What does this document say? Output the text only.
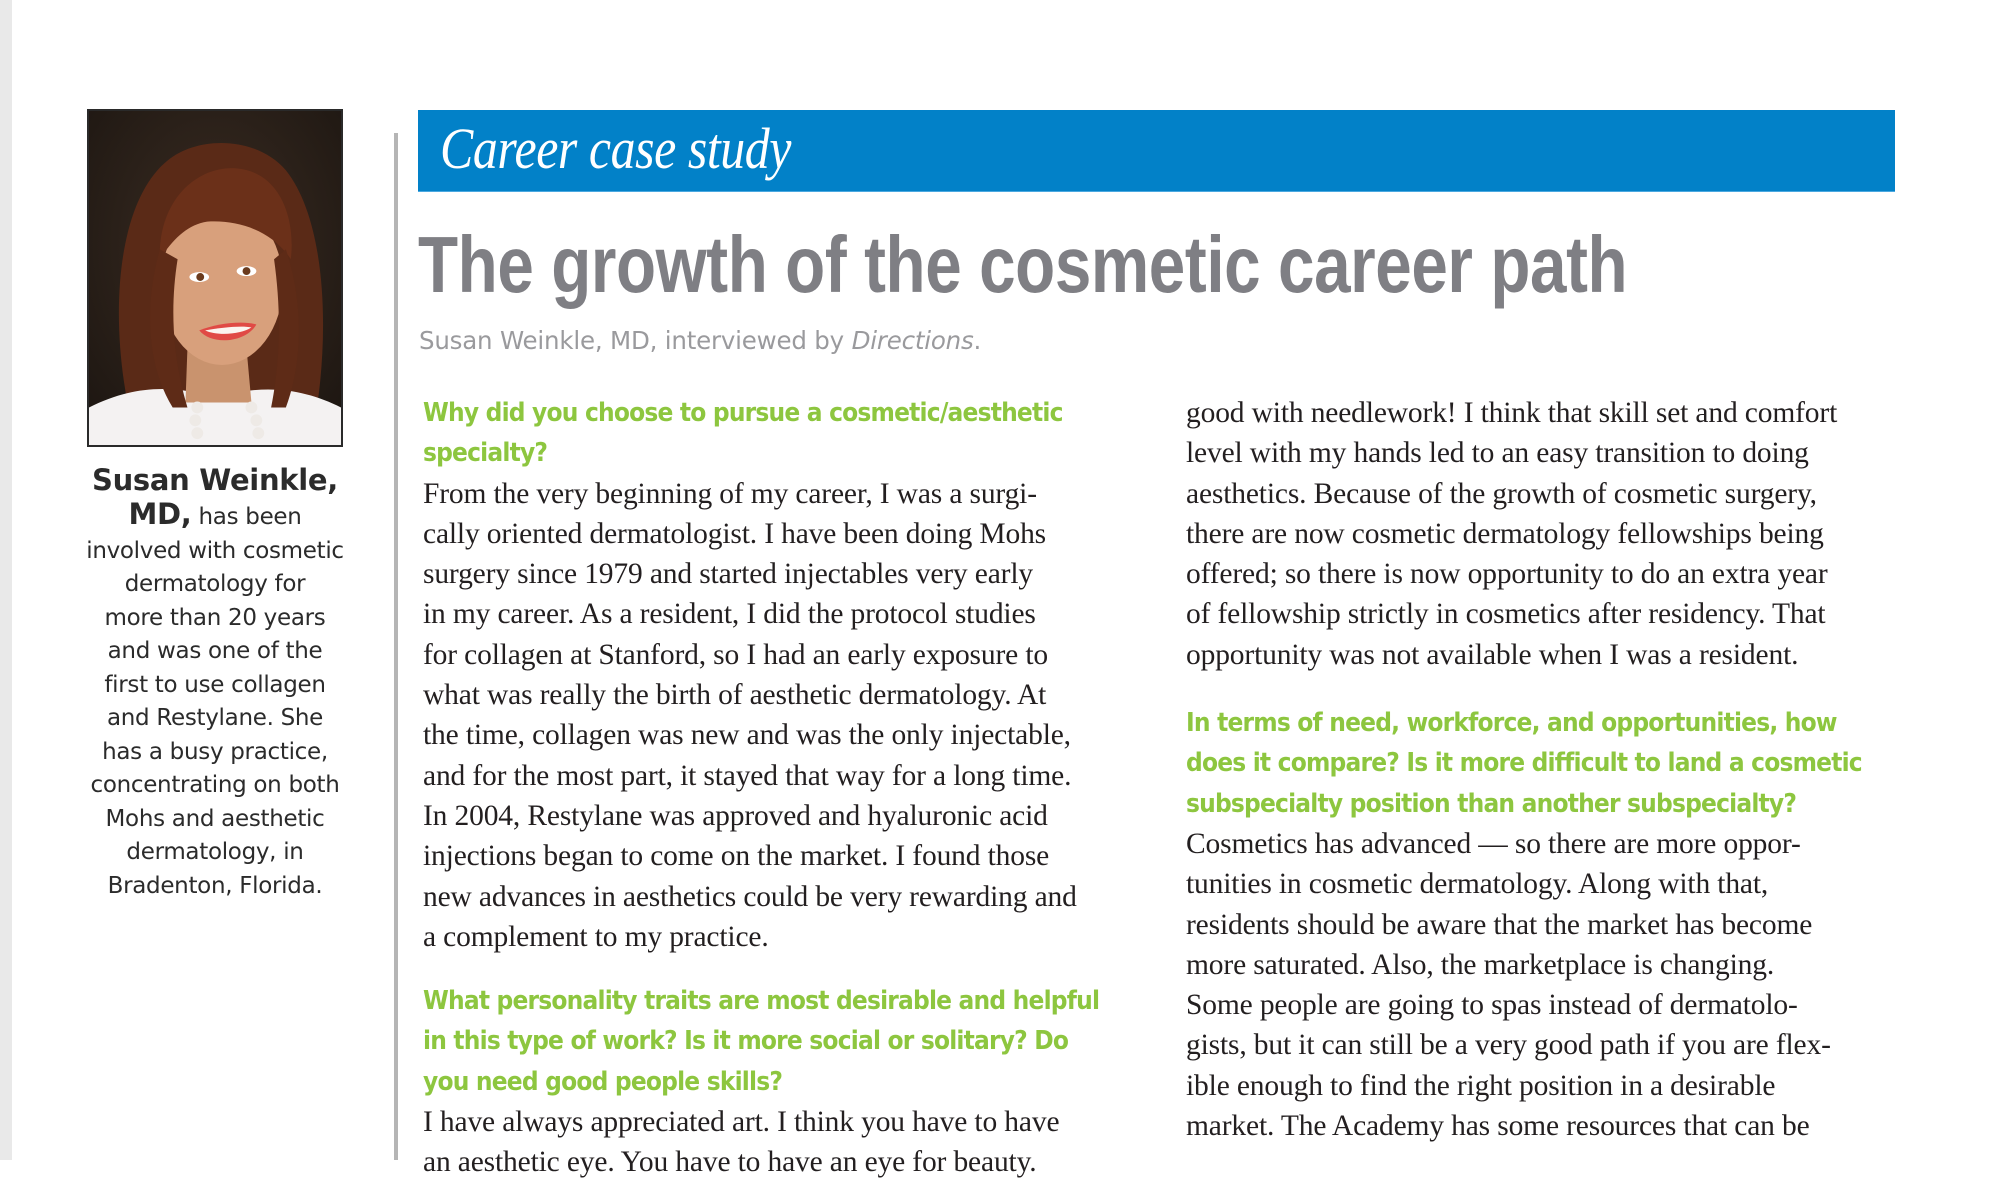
Susan Weinkle,
MD, has been
involved with cosmetic
dermatology for
more than 20 years
and was one of the
first to use collagen
and Restylane. She
has a busy practice,
concentrating on both
Mohs and aesthetic
dermatology, in
Bradenton, Florida.
Career case study
The growth of the cosmetic career path
Susan Weinkle, MD, interviewed by Directions.
Why did you choose to pursue a cosmetic/aesthetic
specialty?
From the very beginning of my career, I was a surgi-
cally oriented dermatologist. I have been doing Mohs
surgery since 1979 and started injectables very early
in my career. As a resident, I did the protocol studies
for collagen at Stanford, so I had an early exposure to
what was really the birth of aesthetic dermatology. At
the time, collagen was new and was the only injectable,
and for the most part, it stayed that way for a long time.
In 2004, Restylane was approved and hyaluronic acid
injections began to come on the market. I found those
new advances in aesthetics could be very rewarding and
a complement to my practice.
What personality traits are most desirable and helpful
in this type of work? Is it more social or solitary? Do
you need good people skills?
I have always appreciated art. I think you have to have
an aesthetic eye. You have to have an eye for beauty.
good with needlework! I think that skill set and comfort
level with my hands led to an easy transition to doing
aesthetics. Because of the growth of cosmetic surgery,
there are now cosmetic dermatology fellowships being
offered; so there is now opportunity to do an extra year
of fellowship strictly in cosmetics after residency. That
opportunity was not available when I was a resident.
In terms of need, workforce, and opportunities, how
does it compare? Is it more difficult to land a cosmetic
subspecialty position than another subspecialty?
Cosmetics has advanced — so there are more oppor-
tunities in cosmetic dermatology. Along with that,
residents should be aware that the market has become
more saturated. Also, the marketplace is changing.
Some people are going to spas instead of dermatolo-
gists, but it can still be a very good path if you are flex-
ible enough to find the right position in a desirable
market. The Academy has some resources that can be
